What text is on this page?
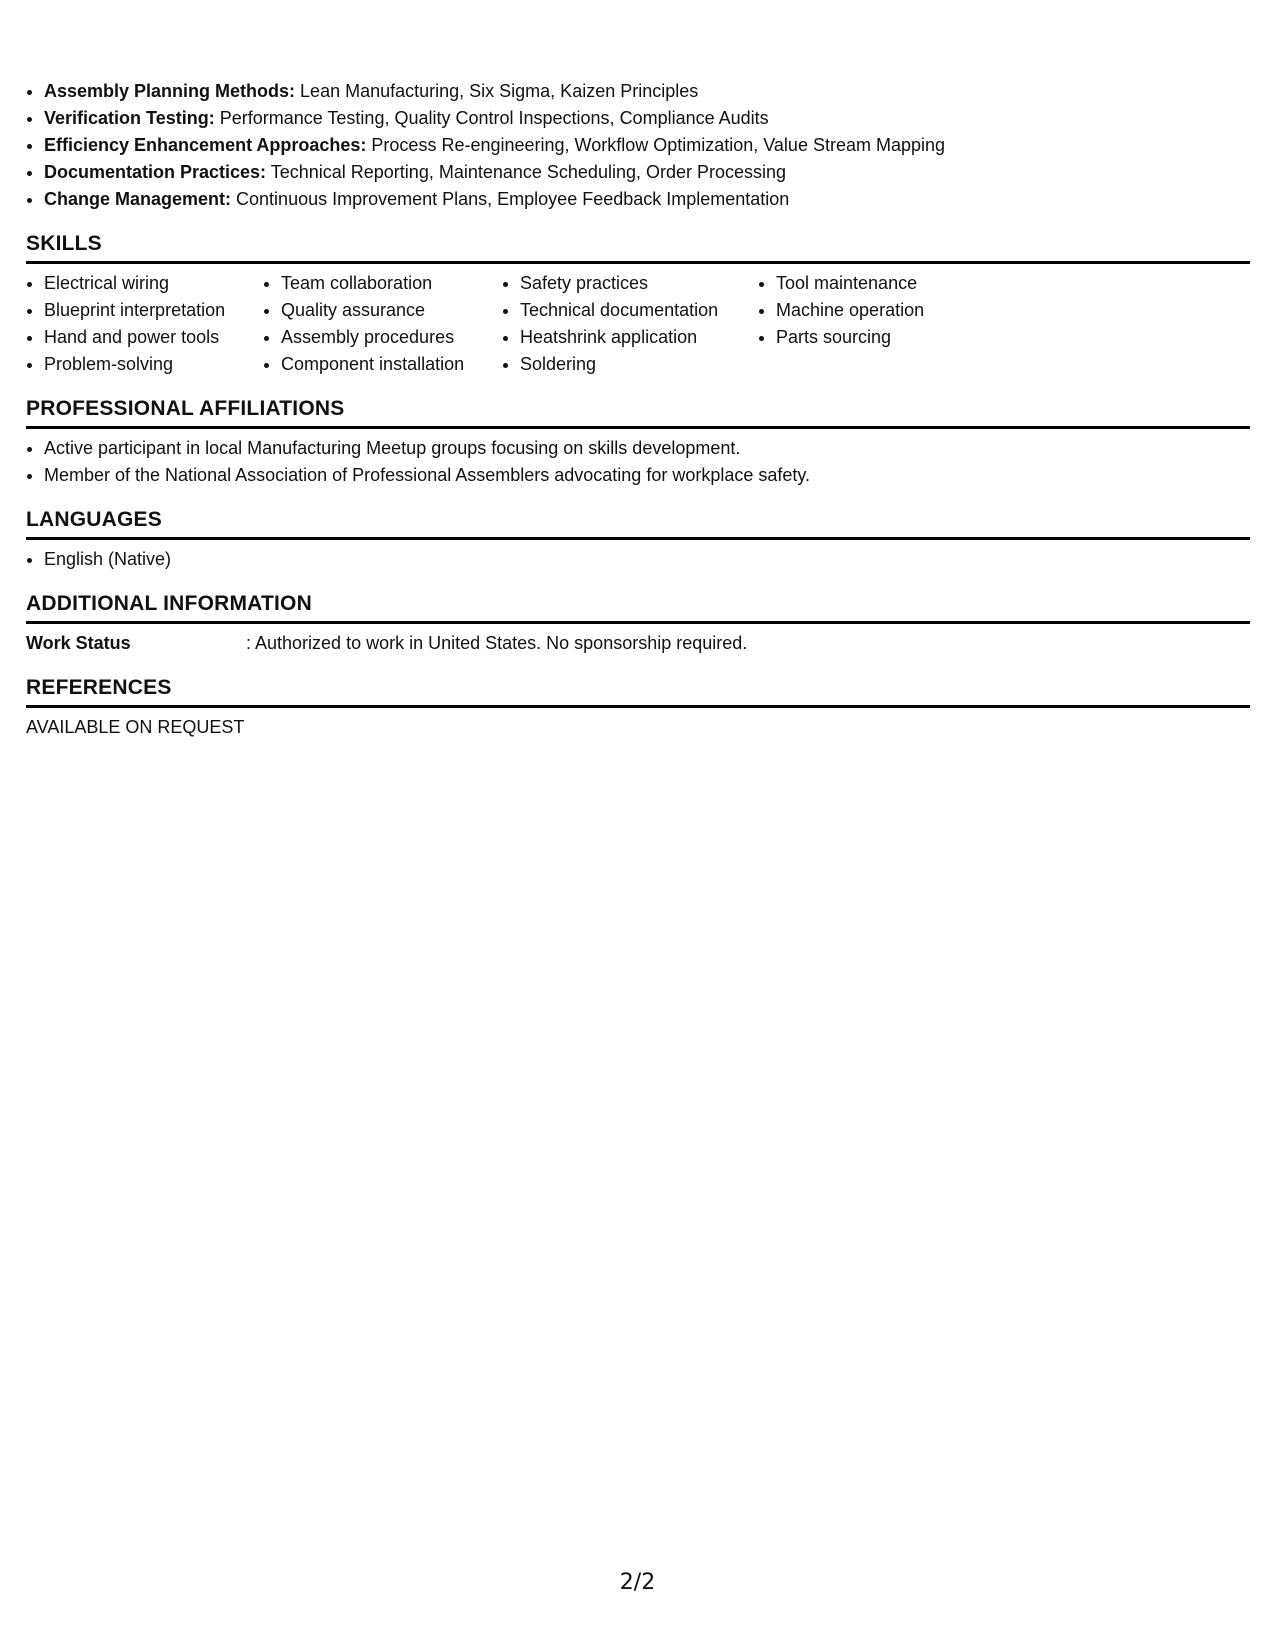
• Assembly Planning Methods: Lean Manufacturing, Six Sigma, Kaizen Principles
• Verification Testing: Performance Testing, Quality Control Inspections, Compliance Audits
• Efficiency Enhancement Approaches: Process Re-engineering, Workflow Optimization, Value Stream Mapping
• Documentation Practices: Technical Reporting, Maintenance Scheduling, Order Processing
• Change Management: Continuous Improvement Plans, Employee Feedback Implementation
SKILLS
• Electrical wiring
• Blueprint interpretation
• Hand and power tools
• Problem-solving
• Team collaboration
• Quality assurance
• Assembly procedures
• Component installation
• Safety practices
• Technical documentation
• Heatshrink application
• Soldering
• Tool maintenance
• Machine operation
• Parts sourcing
PROFESSIONAL AFFILIATIONS
• Active participant in local Manufacturing Meetup groups focusing on skills development.
• Member of the National Association of Professional Assemblers advocating for workplace safety.
LANGUAGES
• English (Native)
ADDITIONAL INFORMATION
Work Status	: Authorized to work in United States. No sponsorship required.
REFERENCES
AVAILABLE ON REQUEST
2/2
